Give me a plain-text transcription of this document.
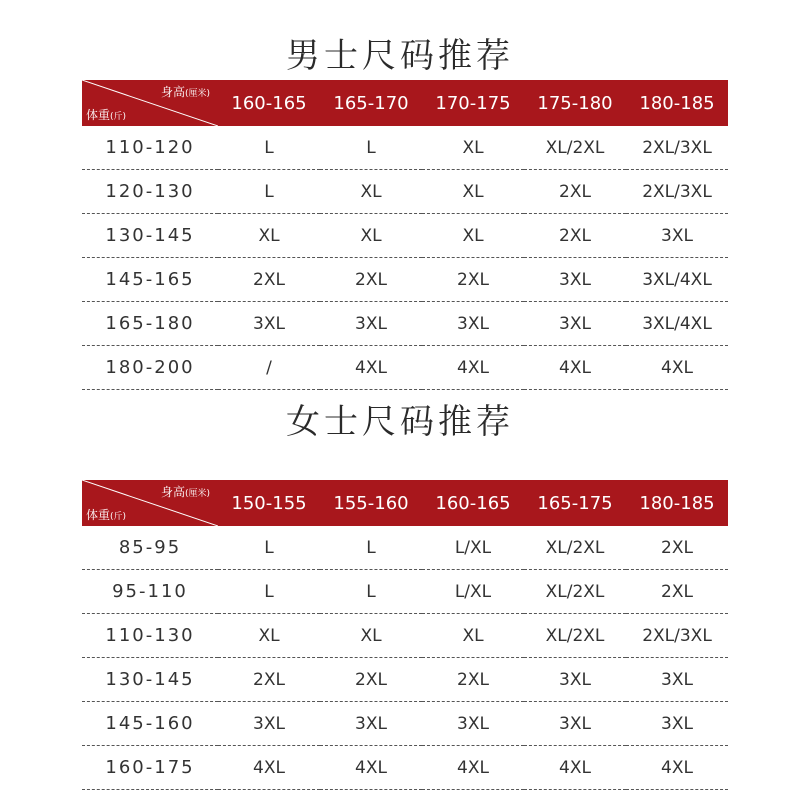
男士尺码推荐
身高(厘米)
体重(斤)	160-165	165-170	170-175	175-180	180-185
110-120	L	L	XL	XL/2XL	2XL/3XL
120-130	L	XL	XL	2XL	2XL/3XL
130-145	XL	XL	XL	2XL	3XL
145-165	2XL	2XL	2XL	3XL	3XL/4XL
165-180	3XL	3XL	3XL	3XL	3XL/4XL
180-200	/	4XL	4XL	4XL	4XL
女士尺码推荐
身高(厘米)
体重(斤)	150-155	155-160	160-165	165-175	180-185
85-95	L	L	L/XL	XL/2XL	2XL
95-110	L	L	L/XL	XL/2XL	2XL
110-130	XL	XL	XL	XL/2XL	2XL/3XL
130-145	2XL	2XL	2XL	3XL	3XL
145-160	3XL	3XL	3XL	3XL	3XL
160-175	4XL	4XL	4XL	4XL	4XL
